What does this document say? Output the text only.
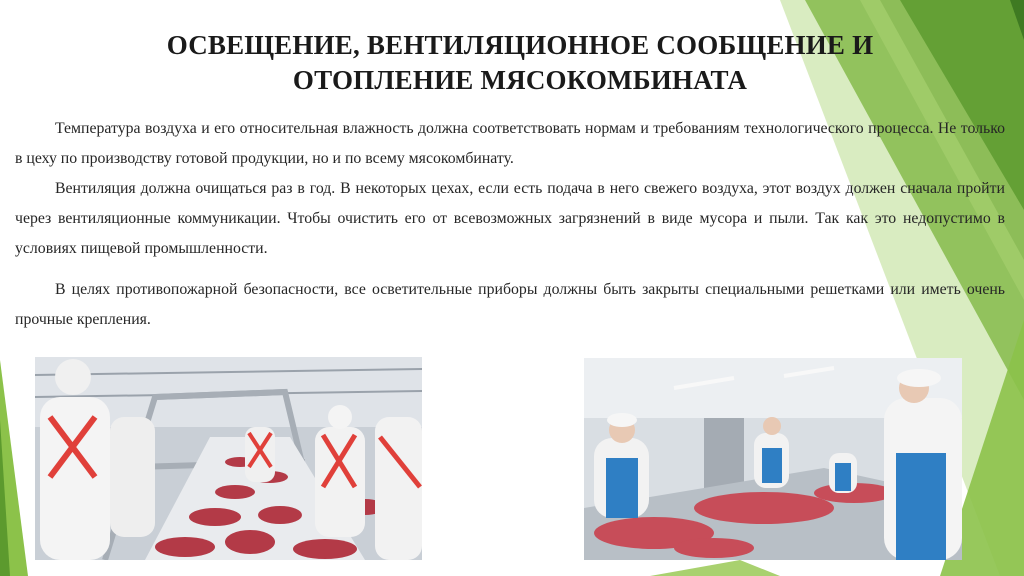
ОСВЕЩЕНИЕ, ВЕНТИЛЯЦИОННОЕ СООБЩЕНИЕ И
ОТОПЛЕНИЕ МЯСОКОМБИНАТА

Температура воздуха и его относительная влажность должна соответствовать нормам и требованиям технологического процесса. Не только в цеху по производству готовой продукции, но и по всему мясокомбинату.

Вентиляция должна очищаться раз в год. В некоторых цехах, если есть подача в него свежего воздуха, этот воздух должен сначала пройти через вентиляционные коммуникации. Чтобы очистить его от всевозможных загрязнений в виде мусора и пыли. Так как это недопустимо в условиях пищевой промышленности.

В целях противопожарной безопасности, все осветительные приборы должны быть закрыты специальными решетками или иметь очень прочные крепления.
